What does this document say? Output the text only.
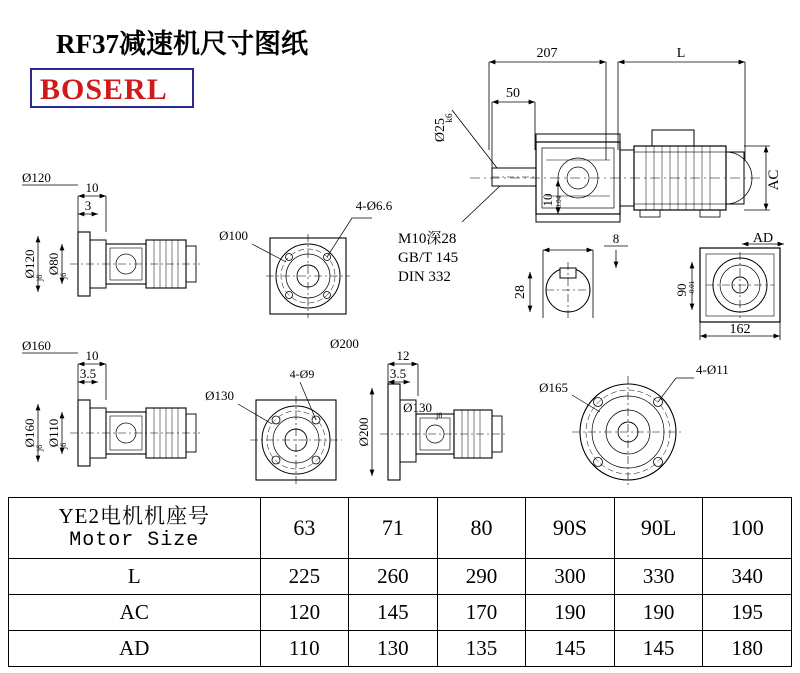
RF37减速机尺寸图纸
BOSERL
207	L
50
8
162
Ø25
k6
10 +0.04
AC
AD
28	90 -0.01
M10深28
GB/T 145
DIN 332
Ø120
10
3
Ø120
j6
Ø80
j6
4-Ø6.6
Ø100
Ø160
10
3.5
Ø160
j6
Ø110
j6
4-Ø9
Ø130
Ø200
12
3.5
Ø200
Ø130
j6
Ø165
4-Ø11
YE2电机机座号
Motor Size	63	71	80	90S	90L	100
L	225	260	290	300	330	340
AC	120	145	170	190	190	195
AD	110	130	135	145	145	180
